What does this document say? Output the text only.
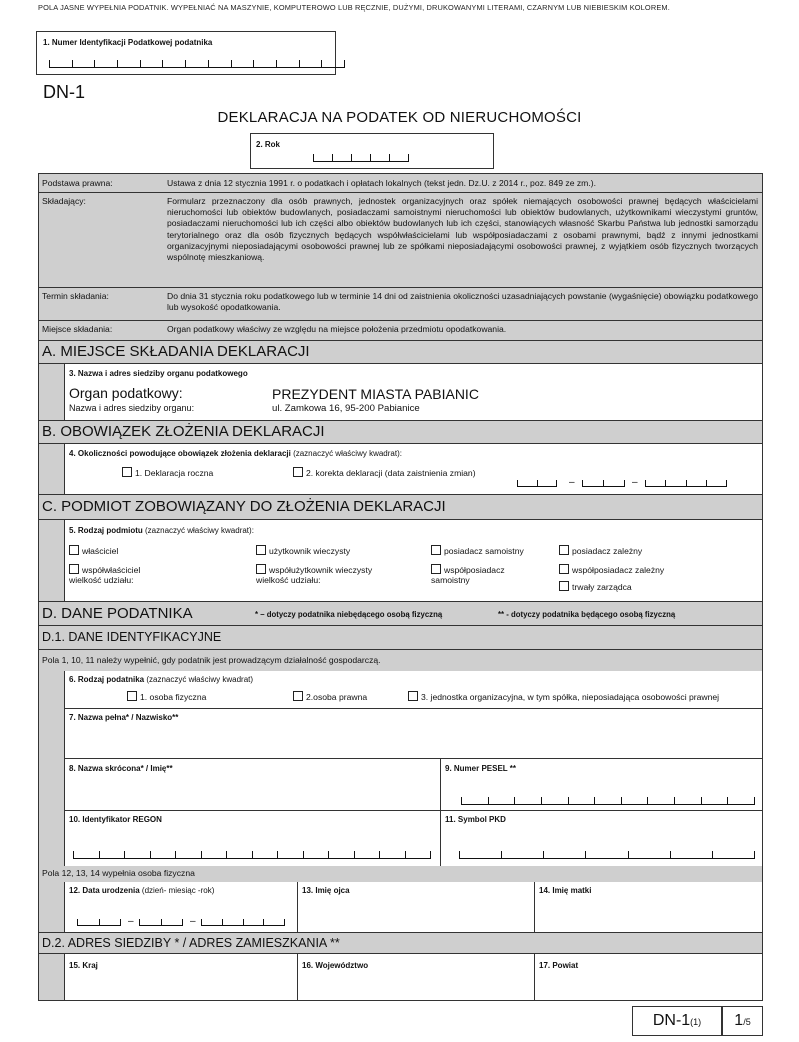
POLA JASNE WYPEŁNIA PODATNIK. WYPEŁNIAĆ NA MASZYNIE, KOMPUTEROWO LUB RĘCZNIE, DUŻYMI, DRUKOWANYMI LITERAMI, CZARNYM LUB NIEBIESKIM KOLOREM.
1. Numer Identyfikacji Podatkowej podatnika
DN-1
DEKLARACJA NA PODATEK OD NIERUCHOMOŚCI
2. Rok
Podstawa prawna:	Ustawa z dnia 12 stycznia 1991 r. o podatkach i opłatach lokalnych (tekst jedn. Dz.U. z 2014 r., poz. 849 ze zm.).
Składający:	Formularz przeznaczony dla osób prawnych, jednostek organizacyjnych oraz spółek niemających osobowości prawnej będących właścicielami nieruchomości lub obiektów budowlanych, posiadaczami samoistnymi nieruchomości lub obiektów budowlanych, użytkownikami wieczystymi gruntów, posiadaczami nieruchomości lub ich części albo obiektów budowlanych lub ich części, stanowiących własność Skarbu Państwa lub jednostki samorządu terytorialnego oraz dla osób fizycznych będących współwłaścicielami lub współposiadaczami z osobami prawnymi, bądź z innymi jednostkami organizacyjnymi nieposiadającymi osobowości prawnej lub ze spółkami nieposiadającymi osobowości prawnej, z wyjątkiem osób fizycznych tworzących wspólnotę mieszkaniową.
Termin składania:	Do dnia 31 stycznia roku podatkowego lub w terminie 14 dni od zaistnienia okoliczności uzasadniających powstanie (wygaśnięcie) obowiązku podatkowego lub wysokość opodatkowania.
Miejsce składania:	Organ podatkowy właściwy ze względu na miejsce położenia przedmiotu opodatkowania.
A. MIEJSCE SKŁADANIA DEKLARACJI
3. Nazwa i adres siedziby organu podatkowego
Organ podatkowy:
Nazwa i adres siedziby organu:
PREZYDENT MIASTA PABIANIC
ul. Zamkowa 16, 95-200 Pabianice
B. OBOWIĄZEK ZŁOŻENIA DEKLARACJI
4. Okoliczności powodujące obowiązek złożenia deklaracji (zaznaczyć właściwy kwadrat):
1. Deklaracja roczna	2. korekta deklaracji (data zaistnienia zmian)
–	–
C. PODMIOT ZOBOWIĄZANY DO ZŁOŻENIA DEKLARACJI
5. Rodzaj podmiotu (zaznaczyć właściwy kwadrat):
właściciel	użytkownik wieczysty	posiadacz samoistny	posiadacz zależny
współwłaściciel
wielkość udziału:
współużytkownik wieczysty
wielkość udziału:
współposiadacz
samoistny
współposiadacz zależny
trwały zarządca
D. DANE PODATNIKA	* – dotyczy podatnika niebędącego osobą fizyczną	** - dotyczy podatnika będącego osobą fizyczną
D.1. DANE IDENTYFIKACYJNE
Pola 1, 10, 11 należy wypełnić, gdy podatnik jest prowadzącym działalność gospodarczą.
6. Rodzaj podatnika (zaznaczyć właściwy kwadrat)
1. osoba fizyczna	2.osoba prawna	3. jednostka organizacyjna, w tym spółka, nieposiadająca osobowości prawnej
7. Nazwa pełna* / Nazwisko**
8. Nazwa skrócona* / Imię**	9. Numer PESEL **
10. Identyfikator REGON	11. Symbol PKD
Pola 12, 13, 14 wypełnia osoba fizyczna
12. Data urodzenia (dzień- miesiąc -rok)
–	–
13. Imię ojca	14. Imię matki
D.2. ADRES SIEDZIBY * / ADRES ZAMIESZKANIA **
15. Kraj	16. Województwo	17. Powiat
DN-1(1)	1/5
